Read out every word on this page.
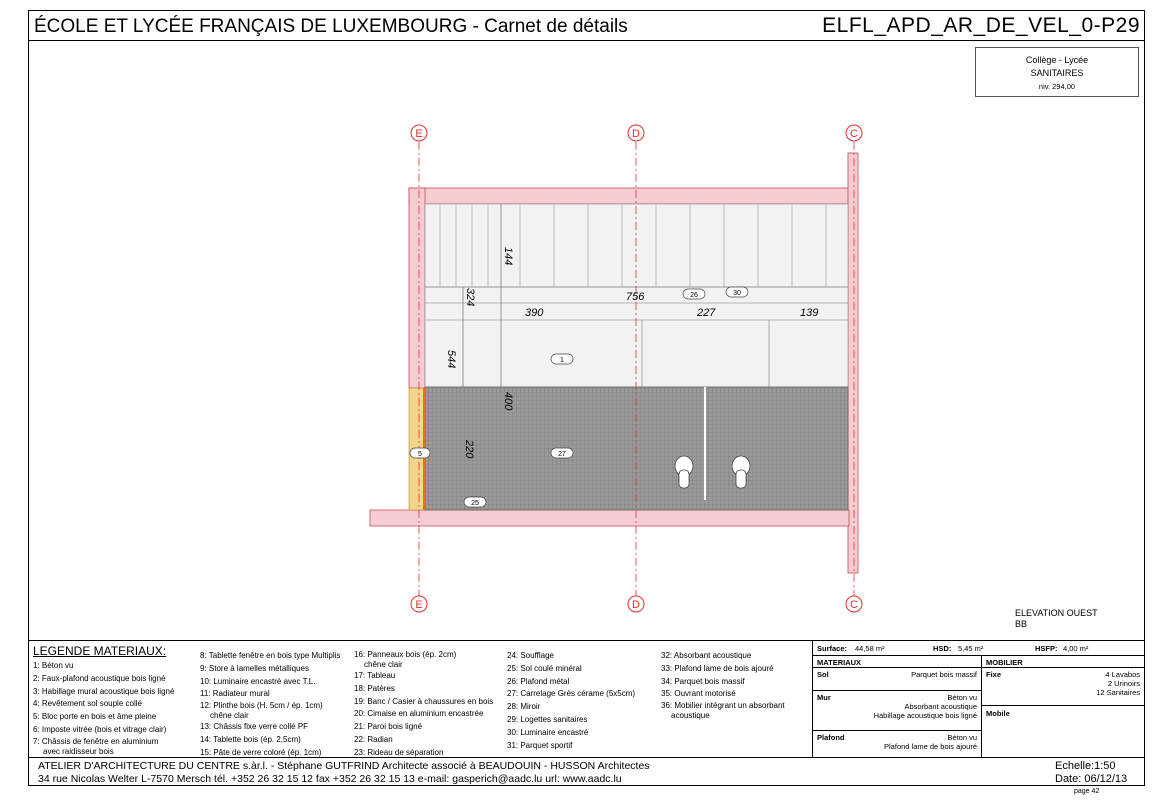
ÉCOLE ET LYCÉE FRANÇAIS DE LUXEMBOURG - Carnet de détails	ELFL_APD_AR_DE_VEL_0-P29
Collège - Lycée
SANITAIRES
niv. 294,00
E	D	C
E	D	C
144
324	756
390	227	139
544
400
220
26	30
1
5	27
25
ELEVATION OUEST
BB
LEGENDE MATERIAUX:
1: Béton vu
2: Faux-plafond acoustique bois ligné
3: Habillage mural acoustique bois ligné
4: Revêtement sol souple collé
5: Bloc porte en bois et âme pleine
6: Imposte vitrée (bois et vitrage clair)
7: Châssis de fenêtre en aluminium
avec raidisseur bois
8: Tablette fenêtre en bois type Multiplis
9: Store à lamelles métalliques
10: Luminaire encastré avec T.L.
11: Radiateur mural
12: Plinthe bois (H. 5cm / ép. 1cm)
chêne clair
13: Châssis fixe verre collé PF
14: Tablette bois (ép. 2,5cm)
15: Pâte de verre coloré (ép. 1cm)
16: Panneaux bois (ép. 2cm)
chêne clair
17: Tableau
18: Patères
19: Banc / Casier à chaussures en bois
20: Cimaise en aluminium encastrée
21: Paroi bois ligné
22: Radian
23: Rideau de séparation
24: Soufflage
25: Sol coulé minéral
26: Plafond métal
27: Carrelage Grès cérame (5x5cm)
28: Miroir
29: Logettes sanitaires
30: Luminaire encastré
31: Parquet sportif
32: Absorbant acoustique
33: Plafond lame de bois ajouré
34: Parquet bois massif
35: Ouvrant motorisé
36: Mobilier intégrant un absorbant
acoustique
Surface: 44,58 m²	HSD: 5,45 m²	HSFP: 4,00 m²
MATERIAUX	MOBILIER
Sol	Parquet bois massif
Mur	Béton vu
Absorbant acoustique
Habillage acoustique bois ligné
Plafond	Béton vu
Plafond lame de bois ajouré
Fixe	4 Lavabos
2 Urinoirs
12 Sanitaires
Mobile
ATELIER D'ARCHITECTURE DU CENTRE s.àr.l. - Stéphane GUTFRIND Architecte associé à BEAUDOUIN - HUSSON Architectes
34 rue Nicolas Welter L-7570 Mersch tél. +352 26 32 15 12 fax +352 26 32 15 13 e-mail: gasperich@aadc.lu url: www.aadc.lu
Echelle:1:50
Date: 06/12/13
page 42
